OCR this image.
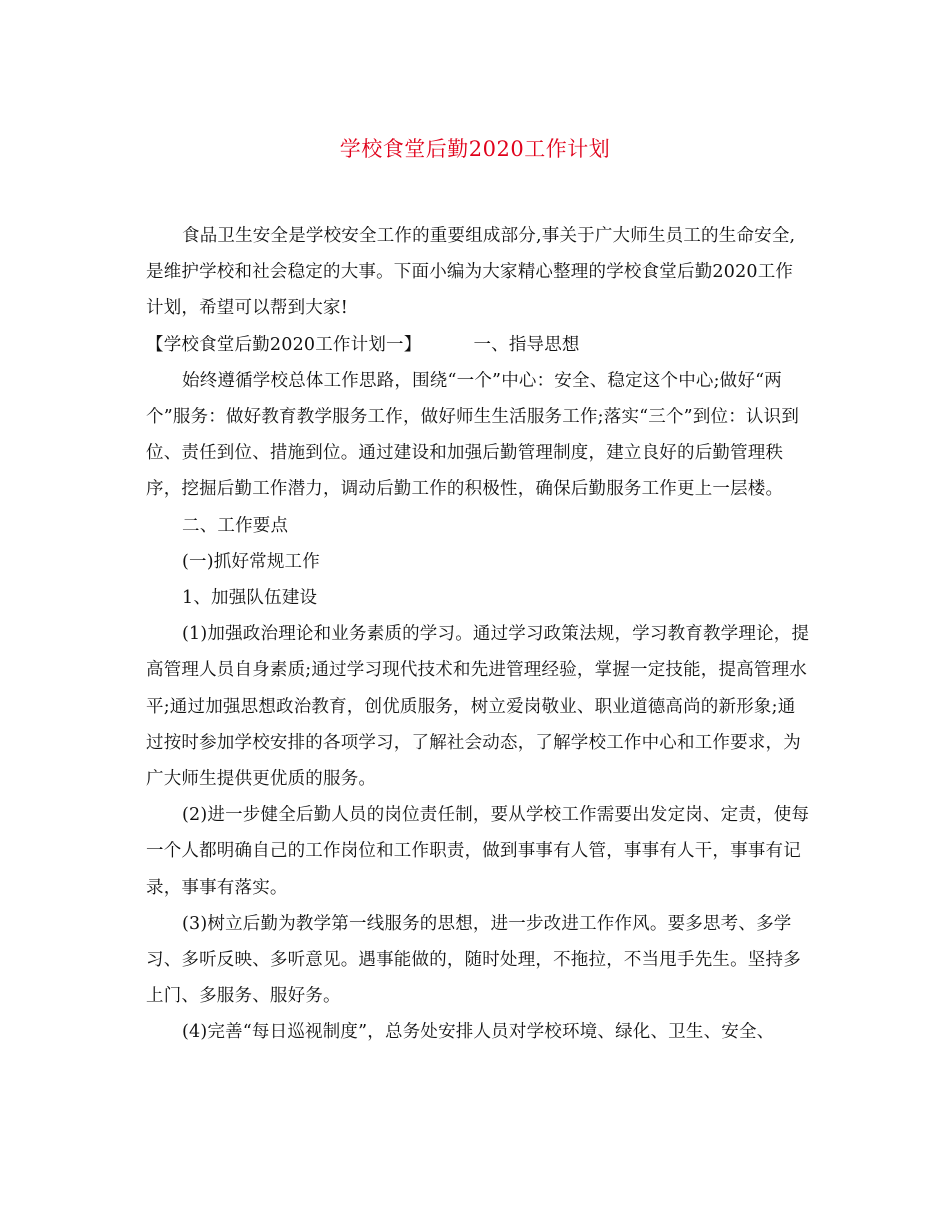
学校食堂后勤2020工作计划

食品卫生安全是学校安全工作的重要组成部分,事关于广大师生员工的生命安全,是维护学校和社会稳定的大事。下面小编为大家精心整理的学校食堂后勤2020工作计划，希望可以帮到大家!

【学校食堂后勤2020工作计划一】	一、指导思想

始终遵循学校总体工作思路，围绕“一个”中心：安全、稳定这个中心;做好“两个”服务：做好教育教学服务工作，做好师生生活服务工作;落实“三个”到位：认识到位、责任到位、措施到位。通过建设和加强后勤管理制度，建立良好的后勤管理秩序，挖掘后勤工作潜力，调动后勤工作的积极性，确保后勤服务工作更上一层楼。

二、工作要点

(一)抓好常规工作

1、加强队伍建设

(1)加强政治理论和业务素质的学习。通过学习政策法规，学习教育教学理论，提高管理人员自身素质;通过学习现代技术和先进管理经验，掌握一定技能，提高管理水平;通过加强思想政治教育，创优质服务，树立爱岗敬业、职业道德高尚的新形象;通过按时参加学校安排的各项学习，了解社会动态，了解学校工作中心和工作要求，为广大师生提供更优质的服务。

(2)进一步健全后勤人员的岗位责任制，要从学校工作需要出发定岗、定责，使每一个人都明确自己的工作岗位和工作职责，做到事事有人管，事事有人干，事事有记录，事事有落实。

(3)树立后勤为教学第一线服务的思想，进一步改进工作作风。要多思考、多学习、多听反映、多听意见。遇事能做的，随时处理，不拖拉，不当甩手先生。坚持多上门、多服务、服好务。

(4)完善“每日巡视制度”，总务处安排人员对学校环境、绿化、卫生、安全、
